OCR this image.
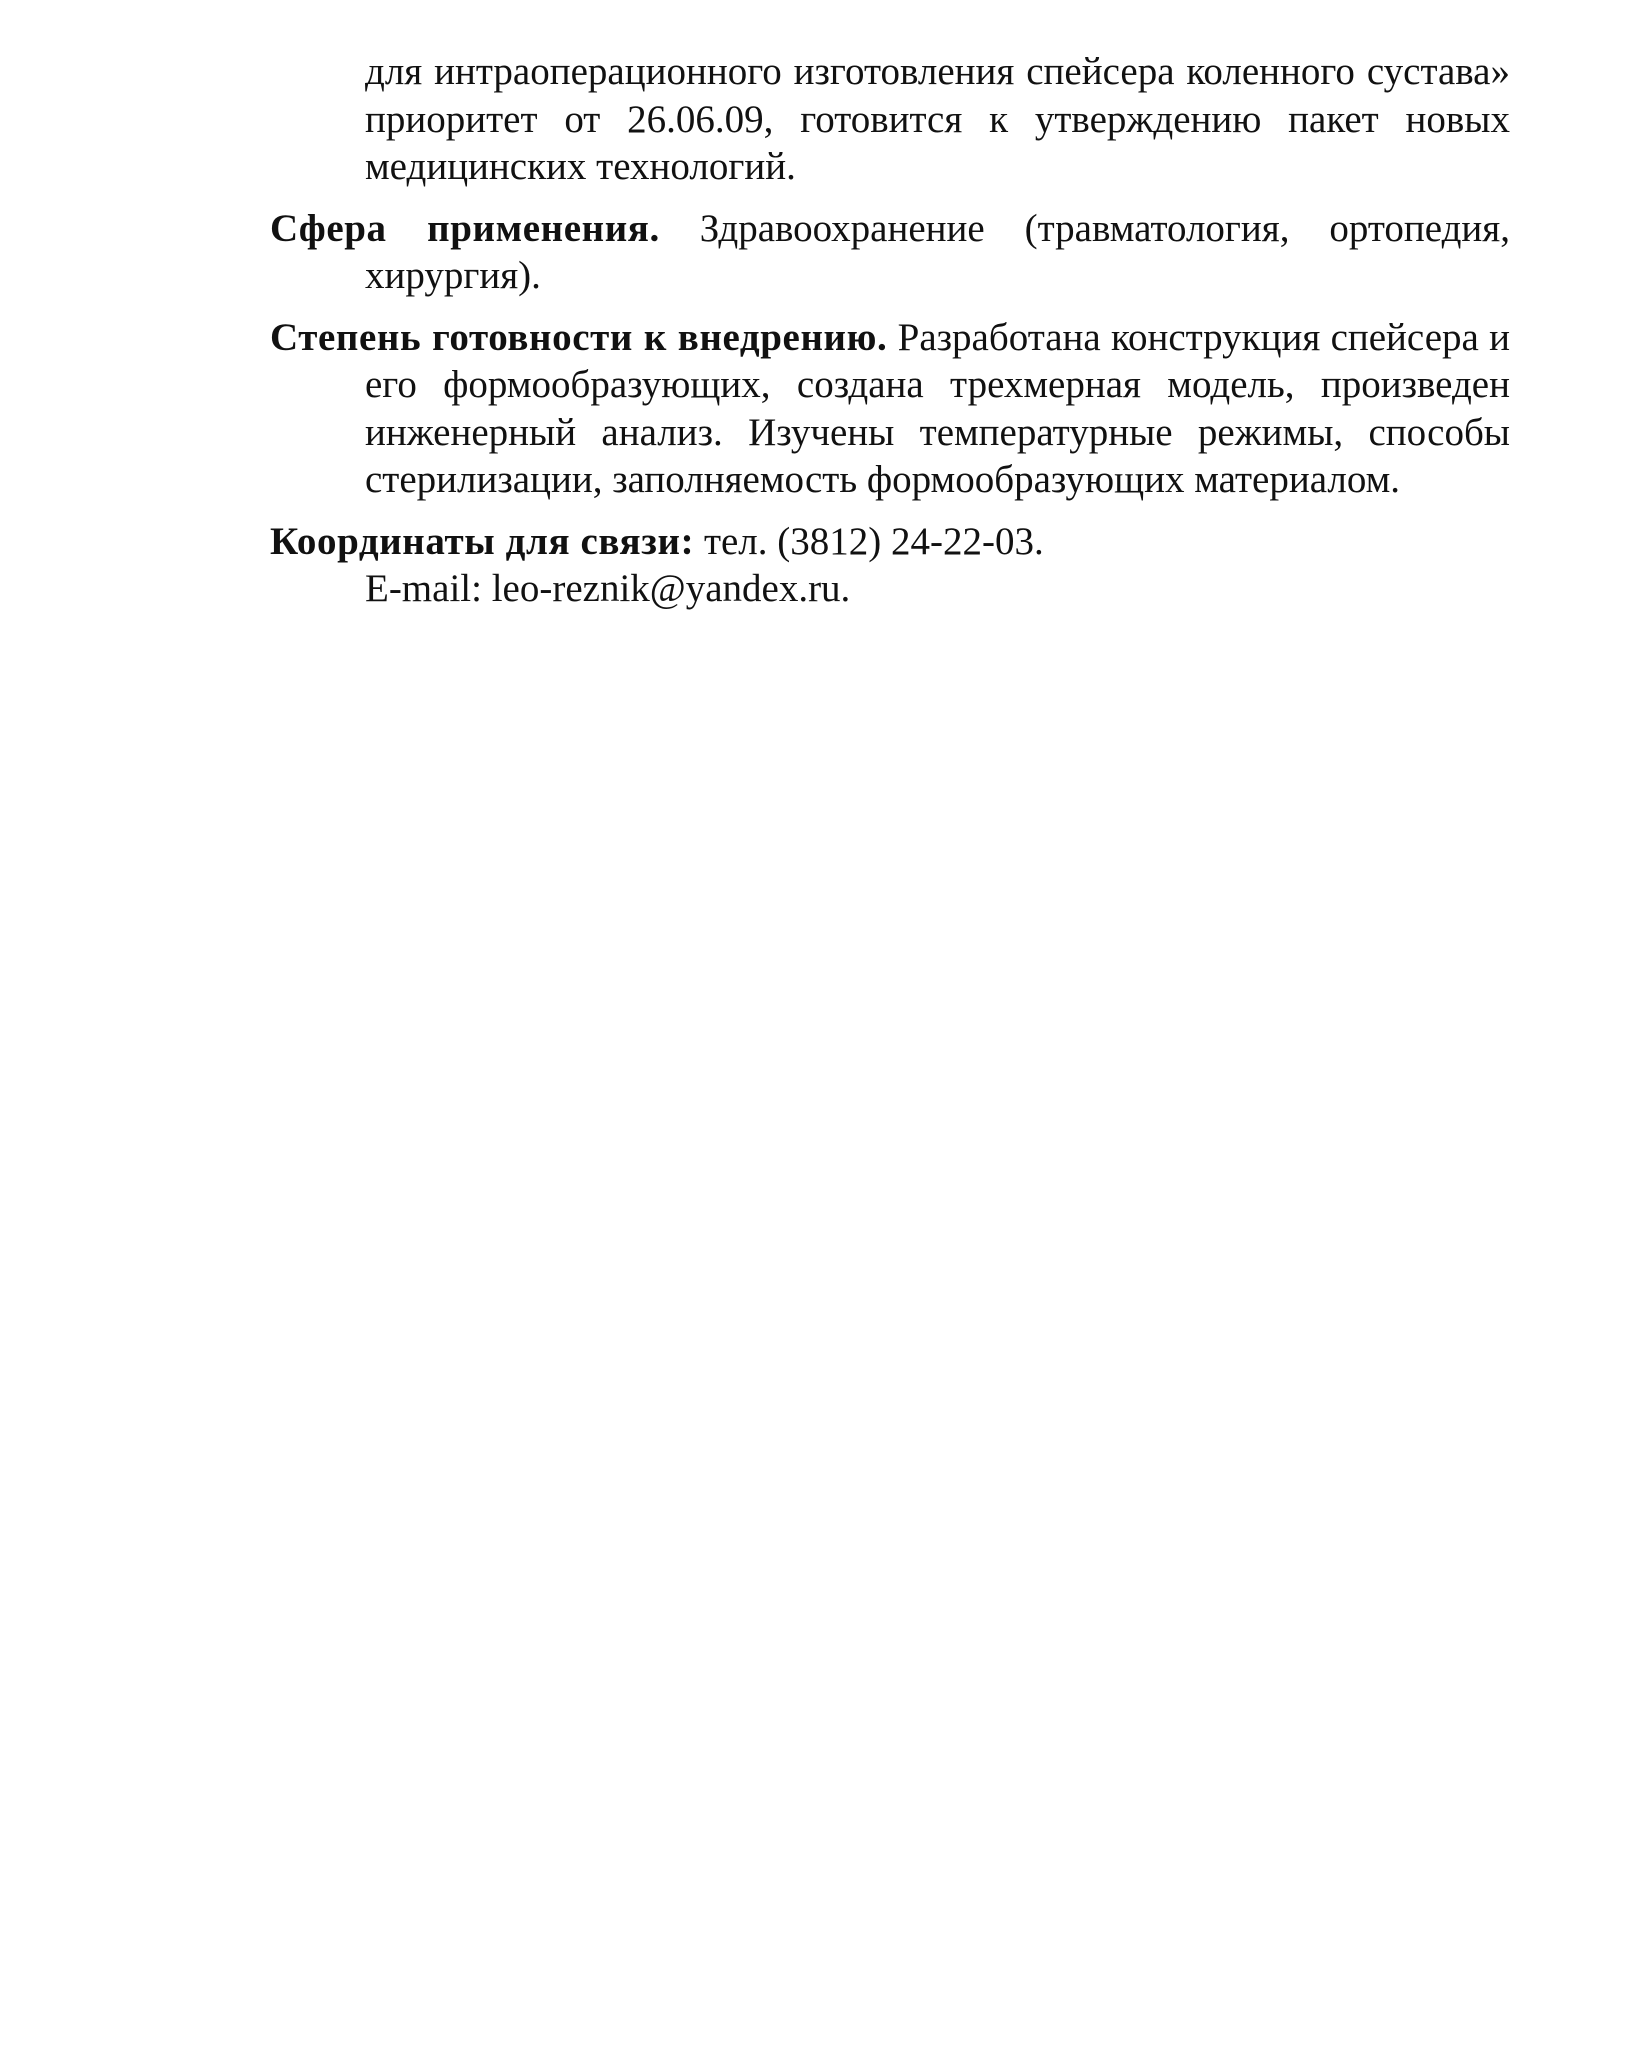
для интраоперационного изготовления спейсера коленного сустава» приоритет от 26.06.09, готовится к утверждению пакет новых медицинских технологий.

Сфера применения. Здравоохранение (травматология, ортопедия, хирургия).

Степень готовности к внедрению. Разработана конструкция спейсера и его формообразующих, создана трехмерная модель, произведен инженерный анализ. Изучены температурные режимы, способы стерилизации, заполняемость формообразующих материалом.

Координаты для связи: тел. (3812) 24-22-03.

E-mail: leo-reznik@yandex.ru.
